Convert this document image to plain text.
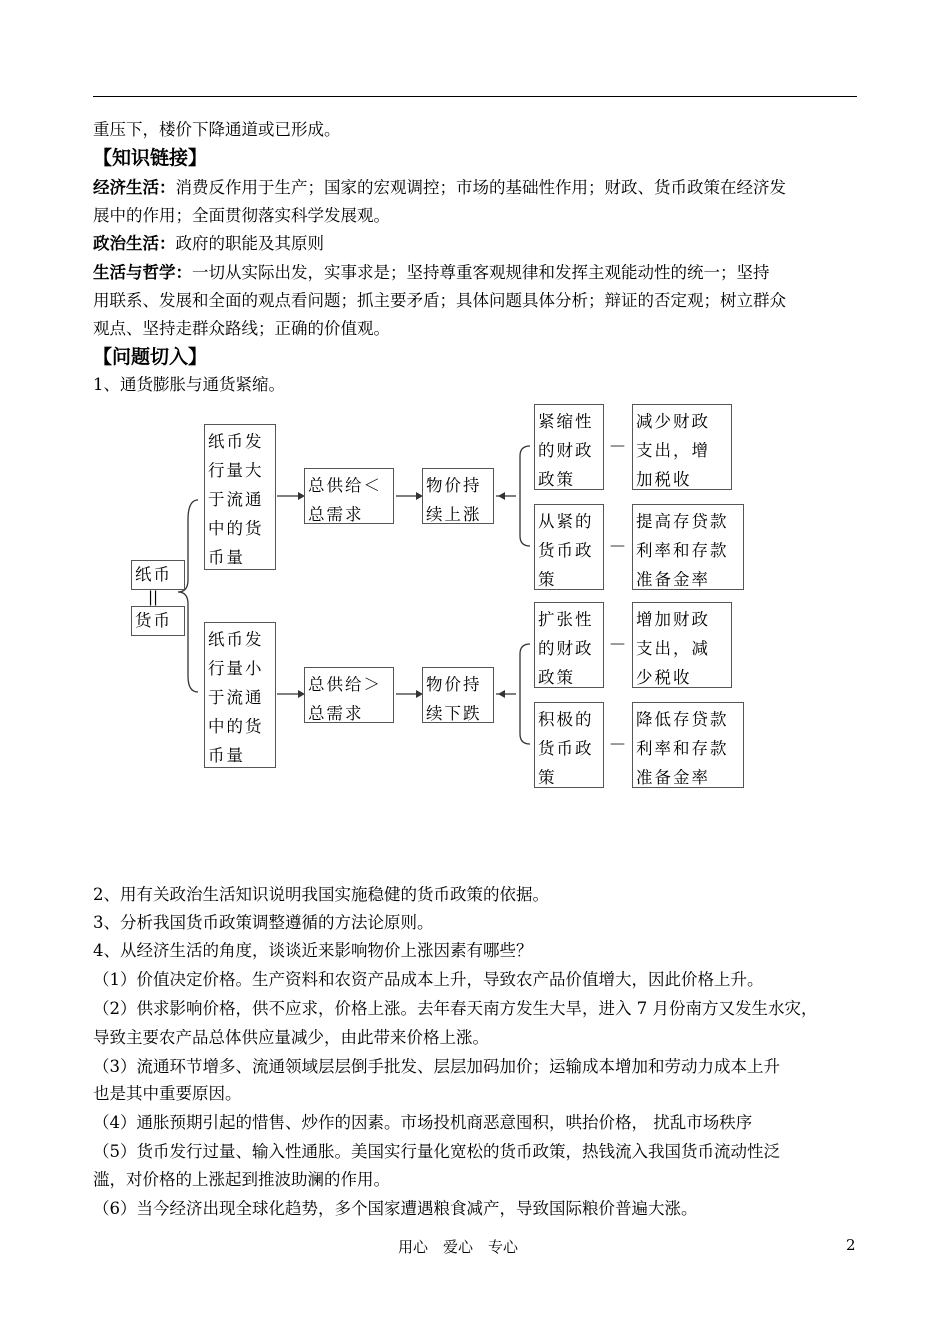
重压下，楼价下降通道或已形成。
【知识链接】
经济生活：消费反作用于生产；国家的宏观调控；市场的基础性作用；财政、货币政策在经济发
展中的作用；全面贯彻落实科学发展观。
政治生活：政府的职能及其原则
生活与哲学：一切从实际出发，实事求是；坚持尊重客观规律和发挥主观能动性的统一；坚持
用联系、发展和全面的观点看问题；抓主要矛盾；具体问题具体分析；辩证的否定观；树立群众
观点、坚持走群众路线；正确的价值观。
【问题切入】
1、通货膨胀与通货紧缩。
纸币
||
货币
纸币发行量大于流通中的货币量
总供给＜总需求
物价持续上涨
紧缩性的财政政策
—
减少财政支出，增加税收
从紧的货币政策
—
提高存贷款利率和存款准备金率
纸币发行量小于流通中的货币量
总供给＞总需求
物价持续下跌
扩张性的财政政策
—
增加财政支出，减少税收
积极的货币政策
—
降低存贷款利率和存款准备金率
2、用有关政治生活知识说明我国实施稳健的货币政策的依据。
3、分析我国货币政策调整遵循的方法论原则。
4、从经济生活的角度，谈谈近来影响物价上涨因素有哪些？
（1）价值决定价格。生产资料和农资产品成本上升，导致农产品价值增大，因此价格上升。
（2）供求影响价格，供不应求，价格上涨。去年春天南方发生大旱，进入 7 月份南方又发生水灾，
导致主要农产品总体供应量减少，由此带来价格上涨。
（3）流通环节增多、流通领域层层倒手批发、层层加码加价；运输成本增加和劳动力成本上升
也是其中重要原因。
（4）通胀预期引起的惜售、炒作的因素。市场投机商恶意囤积，哄抬价格， 扰乱市场秩序
（5）货币发行过量、输入性通胀。美国实行量化宽松的货币政策，热钱流入我国货币流动性泛
滥，对价格的上涨起到推波助澜的作用。
（6）当今经济出现全球化趋势，多个国家遭遇粮食减产，导致国际粮价普遍大涨。
用心　爱心　专心	2
